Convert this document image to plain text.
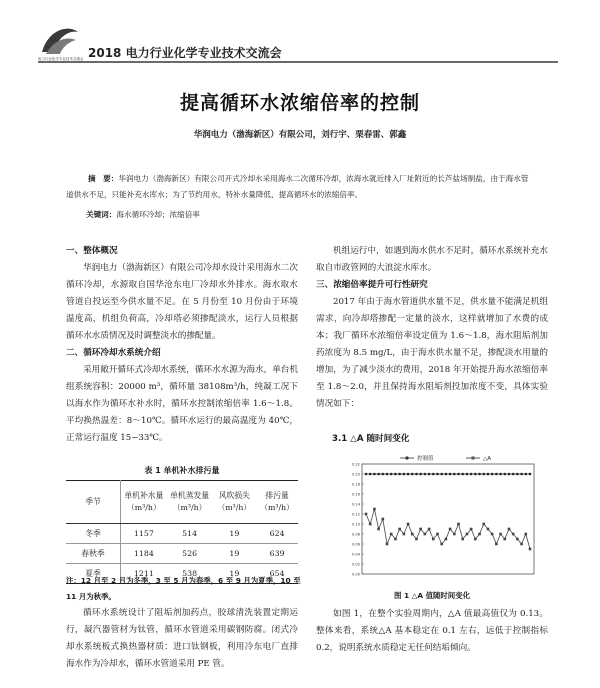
电力行业化学专业技术交流会 2018 电力行业化学专业技术交流会
提高循环水浓缩倍率的控制
华润电力（渤海新区）有限公司，刘行宇、栗春雷、郭鑫
摘　要：华润电力（渤海新区）有限公司开式冷却水采用海水二次循环冷却，浓海水就近排入厂址附近的长芦盐场制盐，由于海水管道供水不足，只能补充水库水；为了节约用水，特补水量降低，提高循环水的浓缩倍率。
关键词：海水循环冷却；浓缩倍率
一、整体概况

华润电力（渤海新区）有限公司冷却水设计采用海水二次循环冷却，水源取自国华沧东电厂冷却水外排水。海水取水管道自投运至今供水量不足。在 5 月份至 10 月份由于环境温度高，机组负荷高，冷却塔必须掺配淡水，运行人员根据循环水水质情况及时调整淡水的掺配量。

二、循环冷却水系统介绍

采用敞开循环式冷却水系统，循环水水源为海水，单台机组系统容积：20000 m³，循环量 38108m³/h，纯凝工况下以海水作为循环水补水时，循环水控制浓缩倍率 1.6～1.8。平均换热温差：8～10℃。循环水运行的最高温度为 40℃，正常运行温度 15~33℃。

表 1 单机补水排污量
季节	单机补水量（m³/h）	单机蒸发量（m³/h）	风吹损失（m³/h）	排污量（m³/h）
冬季	1157	514	19	624
春秋季	1184	526	19	639
夏季	1211	538	19	654
注：12 月至 2 月为冬季，3 至 5 月为春季，6 至 9 月为夏季，10 至 11 月为秋季。

循环水系统设计了阻垢剂加药点，胶球清洗装置定期运行，凝汽器管材为钛管，循环水管道采用碳钢防腐。闭式冷却水系统板式换热器材质：进口钛钢板，利用冷东电厂直排海水作为冷却水，循环水管道采用 PE 管。

机组运行中，如遇到海水供水不足时，循环水系统补充水取自市政管网的大浪淀水库水。

三、浓缩倍率提升可行性研究

2017 年由于海水管道供水量不足，供水量不能满足机组需求，向冷却塔掺配一定量的淡水，这样就增加了水费的成本；我厂循环水浓缩倍率设定值为 1.6～1.8，海水阻垢剂加药浓度为 8.5 mg/L，由于海水供水量不足，掺配淡水用量的增加，为了减少淡水的费用，2018 年开始提升海水浓缩倍率至 1.8～2.0，并且保持海水阻垢剂投加浓度不变，具体实验情况如下：

3.1 △A 随时间变化
控制值	△A
0.00
0.02
0.04
0.06
0.08
0.10
0.12
0.14
0.16
0.18
0.20
0.22
图 1 △A 值随时间变化

如图 1，在整个实验周期内，△A 值最高值仅为 0.13。整体来看，系统△A 基本稳定在 0.1 左右，远低于控制指标 0.2，说明系统水质稳定无任何结垢倾向。
